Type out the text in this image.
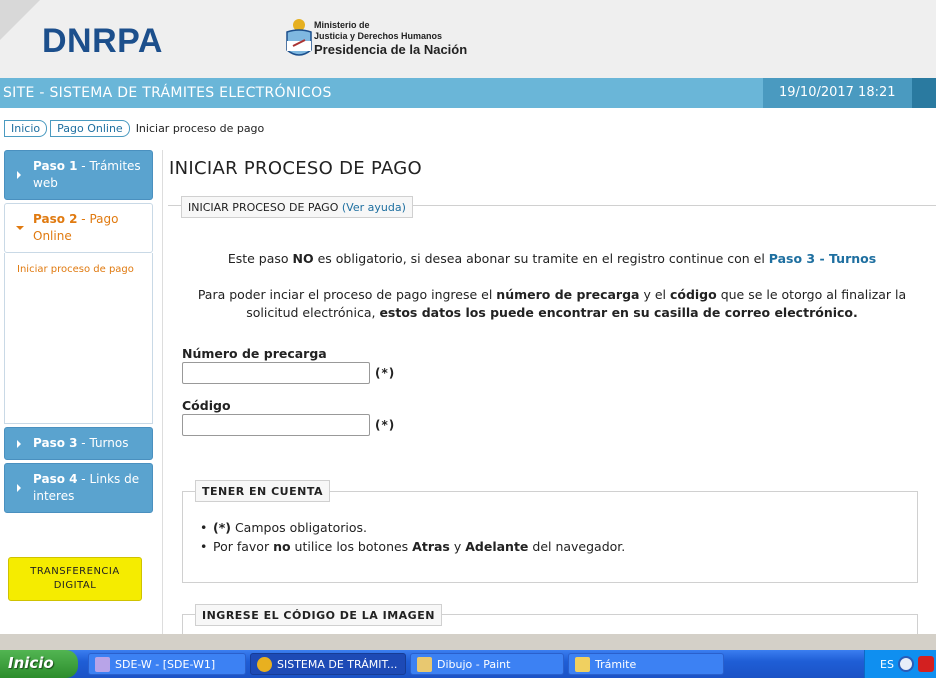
DNRPA	Ministerio de
Justicia y Derechos Humanos
Presidencia de la Nación
SITE - SISTEMA DE TRÁMITES ELECTRÓNICOS	19/10/2017 18:21
Inicio	Pago Online	Iniciar proceso de pago
Paso 1 - Trámites web
Paso 2 - Pago Online
Iniciar proceso de pago
Paso 3 - Turnos
Paso 4 - Links de interes
TRANSFERENCIA DIGITAL
INICIAR PROCESO DE PAGO
INICIAR PROCESO DE PAGO (Ver ayuda)
Este paso NO es obligatorio, si desea abonar su tramite en el registro continue con el Paso 3 - Turnos
Para poder inciar el proceso de pago ingrese el número de precarga y el código que se le otorgo al finalizar la
solicitud electrónica, estos datos los puede encontrar en su casilla de correo electrónico.
Número de precarga
(*)
Código
(*)
TENER EN CUENTA
• (*) Campos obligatorios.
• Por favor no utilice los botones Atras y Adelante del navegador.
INGRESE EL CÓDIGO DE LA IMAGEN
Inicio	SDE-W - [SDE-W1]	SISTEMA DE TRÁMIT...	Dibujo - Paint	Trámite	ES
